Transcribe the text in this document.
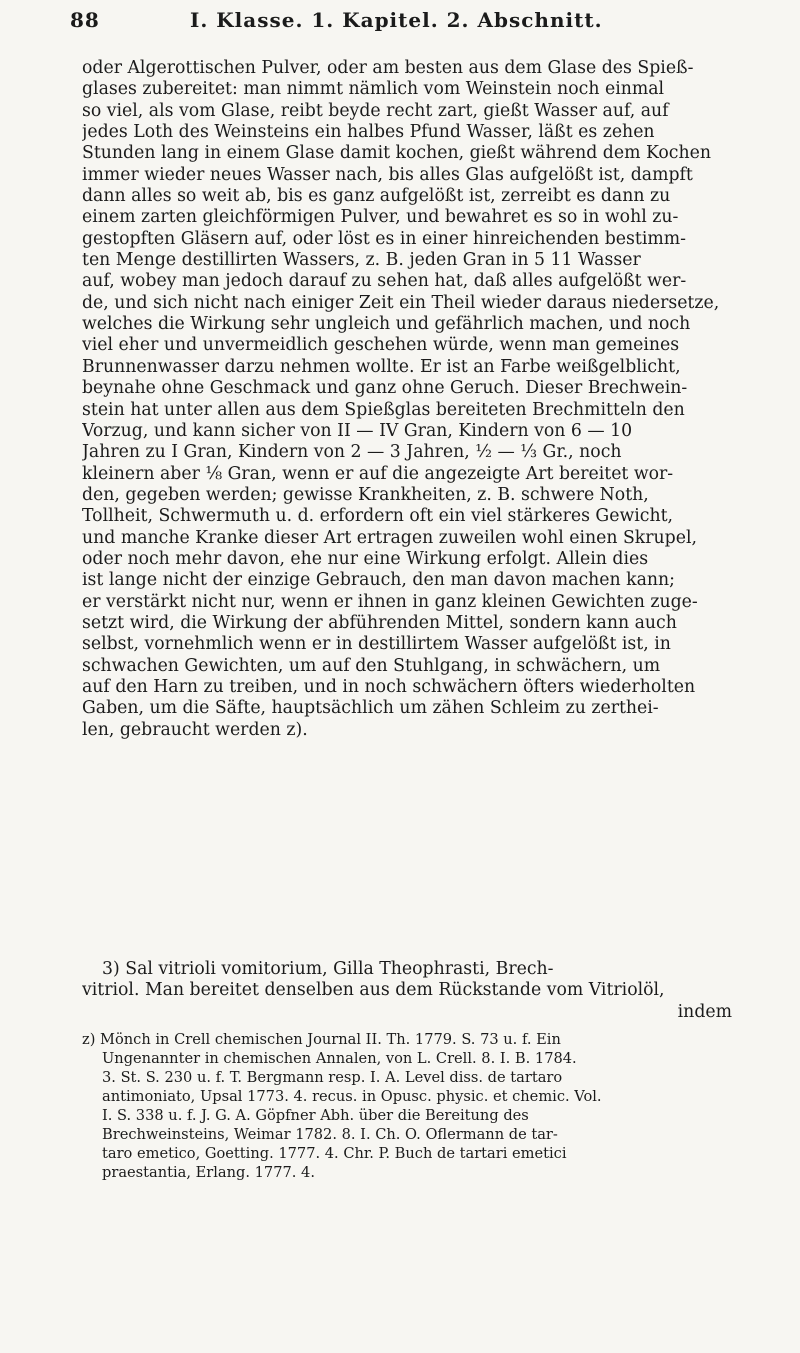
88	I. Klasse. 1. Kapitel. 2. Abschnitt.
oder Algerottischen Pulver, oder am besten aus dem Glase des Spieß-
glases zubereitet: man nimmt nämlich vom Weinstein noch einmal
so viel, als vom Glase, reibt beyde recht zart, gießt Wasser auf, auf
jedes Loth des Weinsteins ein halbes Pfund Wasser, läßt es zehen
Stunden lang in einem Glase damit kochen, gießt während dem Kochen
immer wieder neues Wasser nach, bis alles Glas aufgelößt ist, dampft
dann alles so weit ab, bis es ganz aufgelößt ist, zerreibt es dann zu
einem zarten gleichförmigen Pulver, und bewahret es so in wohl zu-
gestopften Gläsern auf, oder löst es in einer hinreichenden bestimm-
ten Menge destillirten Wassers, z. B. jeden Gran in 5 11 Wasser
auf, wobey man jedoch darauf zu sehen hat, daß alles aufgelößt wer-
de, und sich nicht nach einiger Zeit ein Theil wieder daraus niedersetze,
welches die Wirkung sehr ungleich und gefährlich machen, und noch
viel eher und unvermeidlich geschehen würde, wenn man gemeines
Brunnenwasser darzu nehmen wollte. Er ist an Farbe weißgelblicht,
beynahe ohne Geschmack und ganz ohne Geruch. Dieser Brechwein-
stein hat unter allen aus dem Spießglas bereiteten Brechmitteln den
Vorzug, und kann sicher von II — IV Gran, Kindern von 6 — 10
Jahren zu I Gran, Kindern von 2 — 3 Jahren, ½ — ⅓ Gr., noch
kleinern aber ⅛ Gran, wenn er auf die angezeigte Art bereitet wor-
den, gegeben werden; gewisse Krankheiten, z. B. schwere Noth,
Tollheit, Schwermuth u. d. erfordern oft ein viel stärkeres Gewicht,
und manche Kranke dieser Art ertragen zuweilen wohl einen Skrupel,
oder noch mehr davon, ehe nur eine Wirkung erfolgt. Allein dies
ist lange nicht der einzige Gebrauch, den man davon machen kann;
er verstärkt nicht nur, wenn er ihnen in ganz kleinen Gewichten zuge-
setzt wird, die Wirkung der abführenden Mittel, sondern kann auch
selbst, vornehmlich wenn er in destillirtem Wasser aufgelößt ist, in
schwachen Gewichten, um auf den Stuhlgang, in schwächern, um
auf den Harn zu treiben, und in noch schwächern öfters wiederholten
Gaben, um die Säfte, hauptsächlich um zähen Schleim zu zerthei-
len, gebraucht werden z).
3) Sal vitrioli vomitorium, Gilla Theophrasti, Brech-
vitriol. Man bereitet denselben aus dem Rückstande vom Vitriolöl,
indem
z) Mönch in Crell chemischen Journal II. Th. 1779. S. 73 u. f. Ein
Ungenannter in chemischen Annalen, von L. Crell. 8. I. B. 1784.
3. St. S. 230 u. f. T. Bergmann resp. I. A. Level diss. de tartaro
antimoniato, Upsal 1773. 4. recus. in Opusc. physic. et chemic. Vol.
I. S. 338 u. f. J. G. A. Göpfner Abh. über die Bereitung des
Brechweinsteins, Weimar 1782. 8. I. Ch. O. Oflermann de tar-
taro emetico, Goetting. 1777. 4. Chr. P. Buch de tartari emetici
praestantia, Erlang. 1777. 4.
